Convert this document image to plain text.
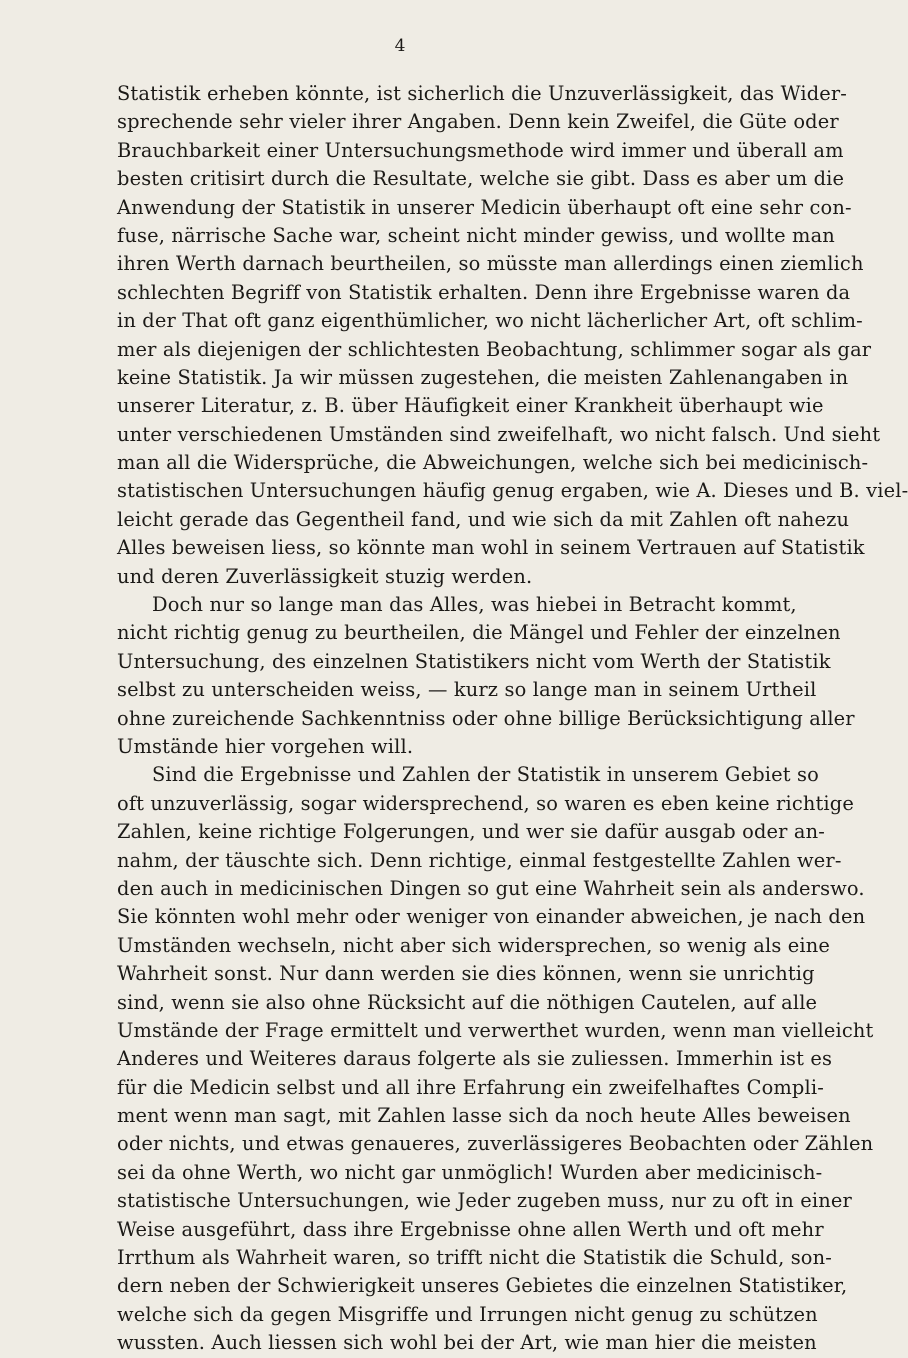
4
Statistik erheben könnte, ist sicherlich die Unzuverlässigkeit, das Wider-
sprechende sehr vieler ihrer Angaben. Denn kein Zweifel, die Güte oder
Brauchbarkeit einer Untersuchungsmethode wird immer und überall am
besten critisirt durch die Resultate, welche sie gibt. Dass es aber um die
Anwendung der Statistik in unserer Medicin überhaupt oft eine sehr con-
fuse, närrische Sache war, scheint nicht minder gewiss, und wollte man
ihren Werth darnach beurtheilen, so müsste man allerdings einen ziemlich
schlechten Begriff von Statistik erhalten. Denn ihre Ergebnisse waren da
in der That oft ganz eigenthümlicher, wo nicht lächerlicher Art, oft schlim-
mer als diejenigen der schlichtesten Beobachtung, schlimmer sogar als gar
keine Statistik. Ja wir müssen zugestehen, die meisten Zahlenangaben in
unserer Literatur, z. B. über Häufigkeit einer Krankheit überhaupt wie
unter verschiedenen Umständen sind zweifelhaft, wo nicht falsch. Und sieht
man all die Widersprüche, die Abweichungen, welche sich bei medicinisch-
statistischen Untersuchungen häufig genug ergaben, wie A. Dieses und B. viel-
leicht gerade das Gegentheil fand, und wie sich da mit Zahlen oft nahezu
Alles beweisen liess, so könnte man wohl in seinem Vertrauen auf Statistik
und deren Zuverlässigkeit stuzig werden.
Doch nur so lange man das Alles, was hiebei in Betracht kommt,
nicht richtig genug zu beurtheilen, die Mängel und Fehler der einzelnen
Untersuchung, des einzelnen Statistikers nicht vom Werth der Statistik
selbst zu unterscheiden weiss, — kurz so lange man in seinem Urtheil
ohne zureichende Sachkenntniss oder ohne billige Berücksichtigung aller
Umstände hier vorgehen will.
Sind die Ergebnisse und Zahlen der Statistik in unserem Gebiet so
oft unzuverlässig, sogar widersprechend, so waren es eben keine richtige
Zahlen, keine richtige Folgerungen, und wer sie dafür ausgab oder an-
nahm, der täuschte sich. Denn richtige, einmal festgestellte Zahlen wer-
den auch in medicinischen Dingen so gut eine Wahrheit sein als anderswo.
Sie könnten wohl mehr oder weniger von einander abweichen, je nach den
Umständen wechseln, nicht aber sich widersprechen, so wenig als eine
Wahrheit sonst. Nur dann werden sie dies können, wenn sie unrichtig
sind, wenn sie also ohne Rücksicht auf die nöthigen Cautelen, auf alle
Umstände der Frage ermittelt und verwerthet wurden, wenn man vielleicht
Anderes und Weiteres daraus folgerte als sie zuliessen. Immerhin ist es
für die Medicin selbst und all ihre Erfahrung ein zweifelhaftes Compli-
ment wenn man sagt, mit Zahlen lasse sich da noch heute Alles beweisen
oder nichts, und etwas genaueres, zuverlässigeres Beobachten oder Zählen
sei da ohne Werth, wo nicht gar unmöglich! Wurden aber medicinisch-
statistische Untersuchungen, wie Jeder zugeben muss, nur zu oft in einer
Weise ausgeführt, dass ihre Ergebnisse ohne allen Werth und oft mehr
Irrthum als Wahrheit waren, so trifft nicht die Statistik die Schuld, son-
dern neben der Schwierigkeit unseres Gebietes die einzelnen Statistiker,
welche sich da gegen Misgriffe und Irrungen nicht genug zu schützen
wussten. Auch liessen sich wohl bei der Art, wie man hier die meisten
